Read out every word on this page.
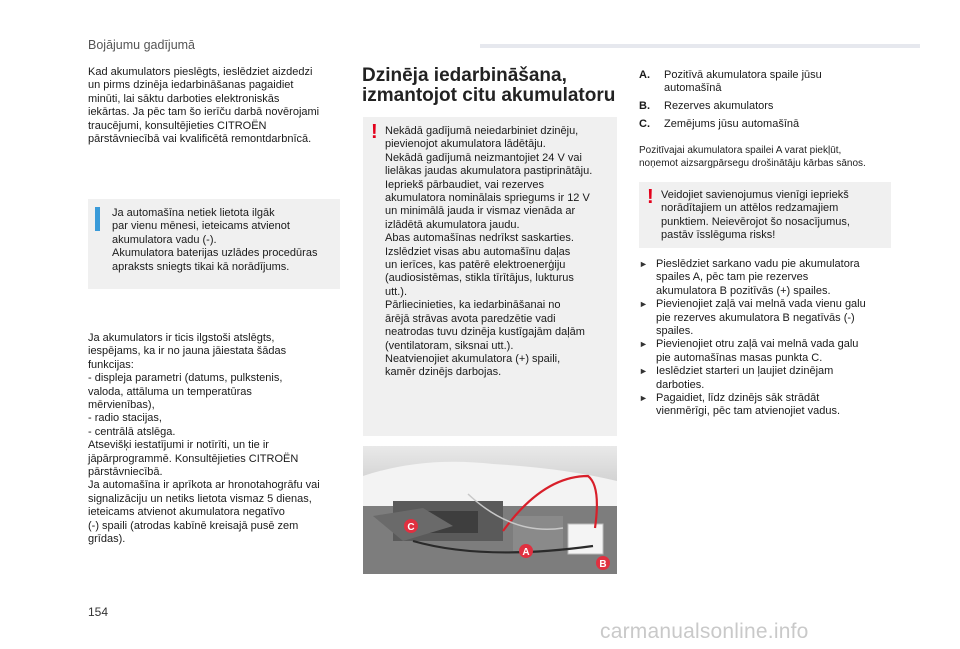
Bojājumu gadījumā
Kad akumulators pieslēgts, ieslēdziet aizdedzi
un pirms dzinēja iedarbināšanas pagaidiet
minūti, lai sāktu darboties elektroniskās
iekārtas. Ja pēc tam šo ierīču darbā novērojami
traucējumi, konsultējieties CITROËN
pārstāvniecībā vai kvalificētā remontdarbnīcā.
Ja automašīna netiek lietota ilgāk
par vienu mēnesi, ieteicams atvienot
akumulatora vadu (-).
Akumulatora baterijas uzlādes procedūras
apraksts sniegts tikai kā norādījums.
Ja akumulators ir ticis ilgstoši atslēgts,
iespējams, ka ir no jauna jāiestata šādas
funkcijas:
- displeja parametri (datums, pulkstenis,
valoda, attāluma un temperatūras
mērvienības),
- radio stacijas,
- centrālā atslēga.
Atsevišķi iestatījumi ir notīrīti, un tie ir
jāpārprogrammē. Konsultējieties CITROËN
pārstāvniecībā.
Ja automašīna ir aprīkota ar hronotahogrāfu vai
signalizāciju un netiks lietota vismaz 5 dienas,
ieteicams atvienot akumulatora negatīvo
(-) spaili (atrodas kabīnē kreisajā pusē zem
grīdas).
Dzinēja iedarbināšana,
izmantojot citu akumulatoru
! Nekādā gadījumā neiedarbiniet dzinēju,
pievienojot akumulatora lādētāju.
Nekādā gadījumā neizmantojiet 24 V vai
lielākas jaudas akumulatora pastiprinātāju.
Iepriekš pārbaudiet, vai rezerves
akumulatora nominālais spriegums ir 12 V
un minimālā jauda ir vismaz vienāda ar
izlādētā akumulatora jaudu.
Abas automašīnas nedrīkst saskarties.
Izslēdziet visas abu automašīnu daļas
un ierīces, kas patērē elektroenerģiju
(audiosistēmas, stikla tīrītājus, lukturus
utt.).
Pārliecinieties, ka iedarbināšanai no
ārējā strāvas avota paredzētie vadi
neatrodas tuvu dzinēja kustīgajām daļām
(ventilatoram, siksnai utt.).
Neatvienojiet akumulatora (+) spaili,
kamēr dzinējs darbojas.
C
A
B
A. Pozitīvā akumulatora spaile jūsu
automašīnā
B. Rezerves akumulators
C. Zemējums jūsu automašīnā
Pozitīvajai akumulatora spailei A varat piekļūt,
noņemot aizsargpārsegu drošinātāju kārbas sānos.
! Veidojiet savienojumus vienīgi iepriekš
norādītajiem un attēlos redzamajiem
punktiem. Neievērojot šo nosacījumus,
pastāv īsslēguma risks!
► Pieslēdziet sarkano vadu pie akumulatora
spailes A, pēc tam pie rezerves
akumulatora B pozitīvās (+) spailes.
► Pievienojiet zaļā vai melnā vada vienu galu
pie rezerves akumulatora B negatīvās (-)
spailes.
► Pievienojiet otru zaļā vai melnā vada galu
pie automašīnas masas punkta C.
► Ieslēdziet starteri un ļaujiet dzinējam
darboties.
► Pagaidiet, līdz dzinējs sāk strādāt
vienmērīgi, pēc tam atvienojiet vadus.
154
carmanualsonline.info
